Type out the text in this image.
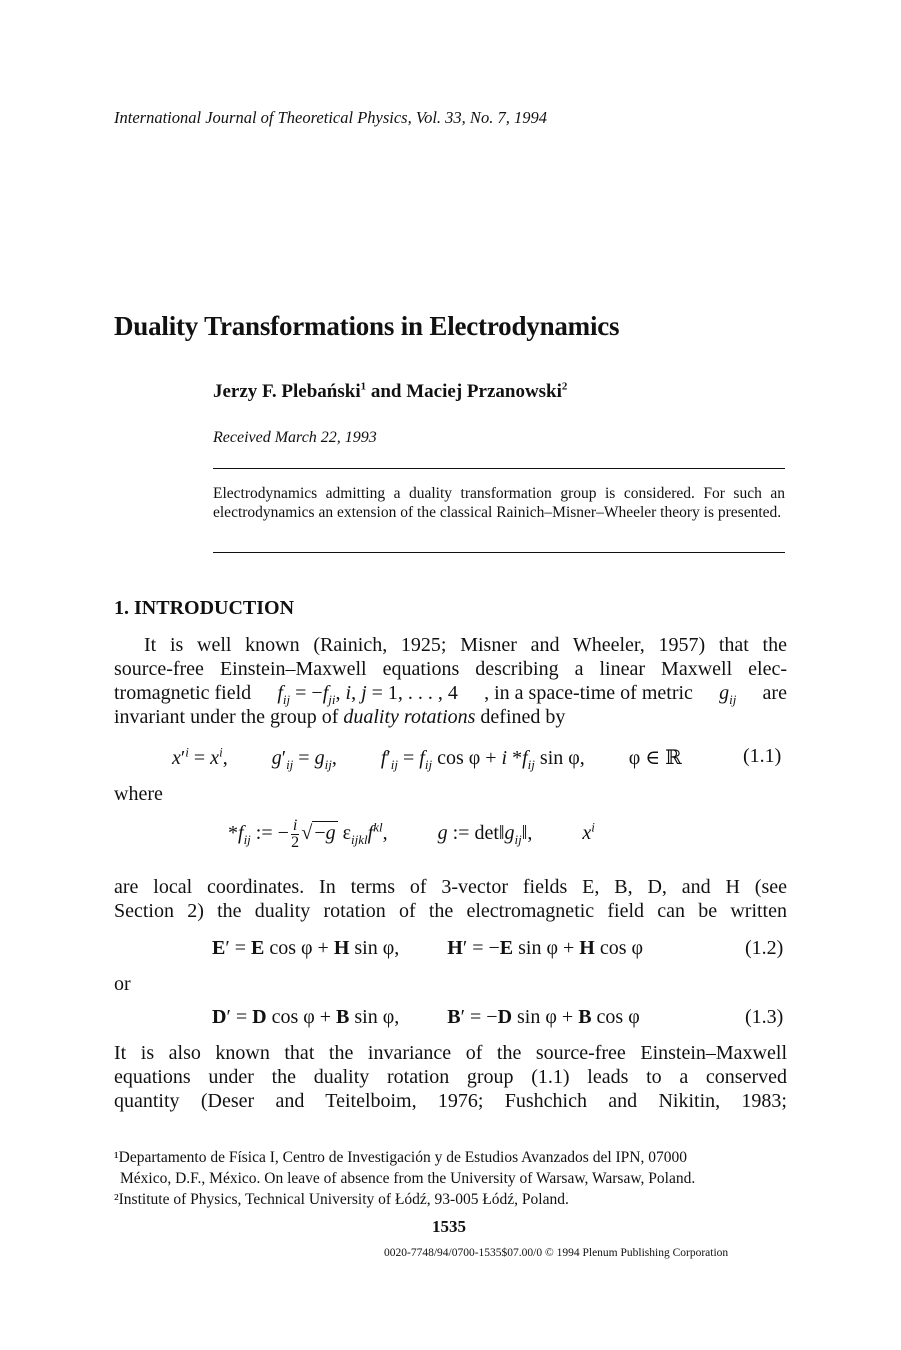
International Journal of Theoretical Physics, Vol. 33, No. 7, 1994
Duality Transformations in Electrodynamics
Jerzy F. Plebański$^1$ and Maciej Przanowski$^2$
Received March 22, 1993
Electrodynamics admitting a duality transformation group is considered. For such an electrodynamics an extension of the classical Rainich–Misner–Wheeler theory is presented.
1. INTRODUCTION
It is well known (Rainich, 1925; Misner and Wheeler, 1957) that the
source-free Einstein–Maxwell equations describing a linear Maxwell elec-
tromagnetic field $f_{ij} = -f_{ji}$, i, j = 1, . . . , 4 , in a space-time of metric $g_{ij}$ are
invariant under the group of duality rotations defined by
$x'^i = x^i$,  $g'_{ij} = g_{ij}$,  $f'_{ij} = f_{ij}$ cos φ + i $*f_{ij}$ sin φ,  φ ∈ ℝ	(1.1)
where
$*f_{ij}$ := − $\frac{i}{2}$ √ −g $\varepsilon_{ijkl}f^{kl}$,  g := $\det‖g_{ij}‖$,  $x^i$
are local coordinates. In terms of 3-vector fields E, B, D, and H (see
Section 2) the duality rotation of the electromagnetic field can be written
E′ = E cos φ + H sin φ,  H′ = −E sin φ + H cos φ	(1.2)
or
D′ = D cos φ + B sin φ,  B′ = −D sin φ + B cos φ	(1.3)
It is also known that the invariance of the source-free Einstein–Maxwell
equations under the duality rotation group (1.1) leads to a conserved
quantity (Deser and Teitelboim, 1976; Fushchich and Nikitin, 1983;
¹Departamento de Física I, Centro de Investigación y de Estudios Avanzados del IPN, 07000
México, D.F., México. On leave of absence from the University of Warsaw, Warsaw, Poland.
²Institute of Physics, Technical University of Łódź, 93-005 Łódź, Poland.
1535
0020-7748/94/0700-1535$07.00/0 © 1994 Plenum Publishing Corporation
